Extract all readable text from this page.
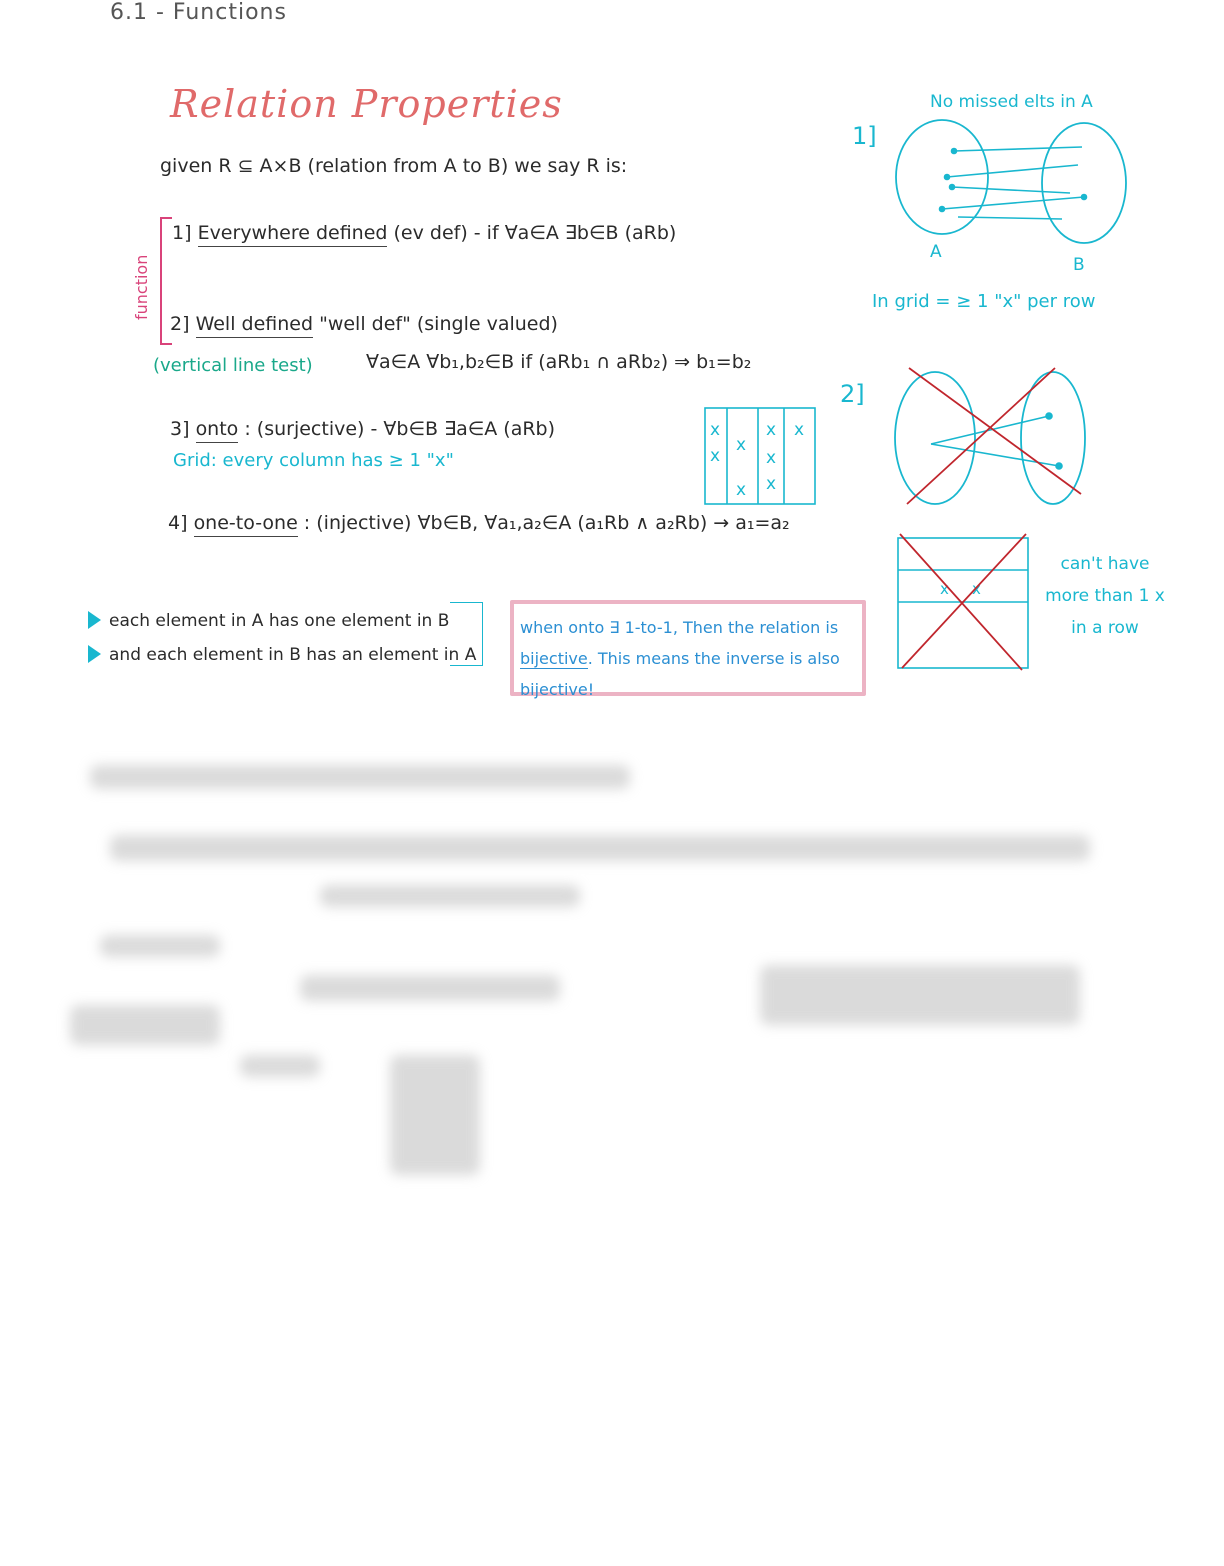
6.1 - Functions
Relation Properties
given R ⊆ A×B (relation from A to B) we say R is:
function
1] Everywhere defined (ev def) - if ∀a∈A ∃b∈B (aRb)
2] Well defined "well def" (single valued)
∀a∈A ∀b₁,b₂∈B if (aRb₁ ∩ aRb₂) ⇒ b₁=b₂
(vertical line test)
3] onto : (surjective) - ∀b∈B ∃a∈A (aRb)
Grid: every column has ≥ 1 "x"
x
x
x
x
x
x
x
x
4] one-to-one : (injective) ∀b∈B, ∀a₁,a₂∈A (a₁Rb ∧ a₂Rb) → a₁=a₂
each element in A has one element in B
and each element in B has an element in A
when onto ∃ 1-to-1, Then the relation is bijective. This means the inverse is also bijective!
No missed elts in A
1]
A
B
In grid = ≥ 1 "x" per row
2]
x x
can't have more than 1 x in a row
